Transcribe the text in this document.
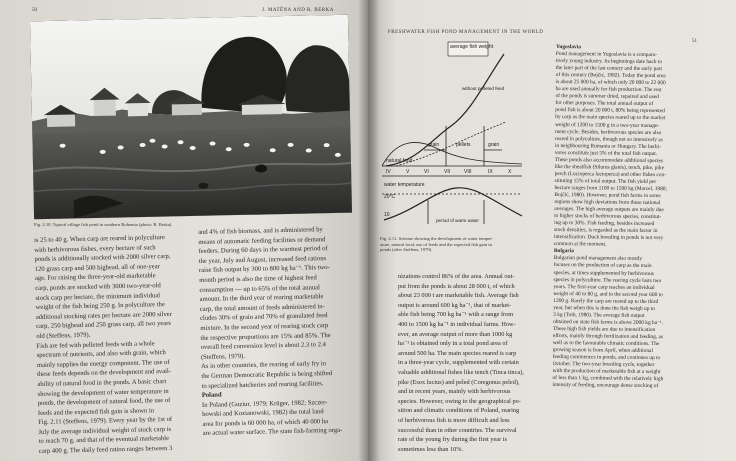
50	J. MATĚNA AND R. BERKA
Fig. 2.10. Typical village fish pond in southern Bohemia (photo: R. Berka).
is 25 to 40 g. When carp are reared in polyculture
with herbivorous fishes, every hectare of such
ponds is additionally stocked with 2000 silver carp,
120 grass carp and 500 bighead, all of one-year
age. For raising the three-year-old marketable
carp, ponds are stocked with 3000 two-year-old
stock carp per hectare, the minimum individual
weight of the fish being 250 g. In polyculture the
additional stocking rates per hectare are 2000 silver
carp, 250 bighead and 250 grass carp, all two years
old (Steffens, 1979).
Fish are fed with pelleted feeds with a whole
spectrum of nutrients, and also with grain, which
mainly supplies the energy component. The use of
these feeds depends on the development and avail-
ability of natural food in the ponds. A basic chart
showing the development of water temperature in
ponds, the development of natural food, the use of
feeds and the expected fish gain is shown in
Fig. 2.11 (Steffens, 1979). Every year by the 1st of
July the average individual weight of stock carp is
to reach 70 g, and that of the eventual marketable
carp 400 g. The daily feed ration ranges between 3
and 4% of fish biomass, and is administered by
means of automatic feeding facilities or demand
feeders. During 60 days in the warmest period of
the year, July and August, increased feed rations
raise fish output by 300 to 800 kg ha⁻¹. This two-
month period is also the time of highest feed
consumption — up to 65% of the total annual
amount. In the third year of rearing marketable
carp, the total amount of feeds administered in-
cludes 30% of grain and 70% of granulated feed
mixture. In the second year of rearing stock carp
the respective proportions are 15% and 85%. The
overall feed conversion level is about 2.3 to 2.4
(Steffens, 1979).
As in other countries, the rearing of early fry in
the German Democratic Republic is being shifted
to specialized hatcheries and rearing facilities.
Poland
In Poland (Guziur, 1979; Krüger, 1982; Szczer-
bowski and Kozianowski, 1982) the total land
area for ponds is 60 000 ha, of which 40 000 ha
are actual water surface. The state fish-farming orga-
FRESHWATER FISH POND MANAGEMENT IN THE WORLD
51
average fish weight
without pelleted feed
grain	pellets	grain
natural food
IV	V	VI	VII	VIII	IX	X
water temperature
20°C
10
period of warm water
Fig. 2.11. Scheme showing the development of water temper-
ature, natural food, use of feeds and the expected fish gain in
ponds (after Steffens, 1979).
nizations control 86% of the area. Annual out-
put from the ponds is about 28 000 t, of which
about 23 000 t are marketable fish. Average fish
output is around 600 kg ha⁻¹, that of market-
able fish being 700 kg ha⁻¹ with a range from
400 to 1500 kg ha⁻¹ in individual farms. How-
ever, an average output of more than 1000 kg
ha⁻¹ is obtained only in a total pond area of
around 500 ha. The main species reared is carp
in a three-year cycle, supplemented with certain
valuable additional fishes like tench (Tinca tinca),
pike (Esox lucius) and peled (Coregonus peled),
and in recent years, mainly with herbivorous
species. However, owing to the geographical po-
sition and climatic conditions of Poland, rearing
of herbivorous fish is more difficult and less
successful than in other countries. The survival
rate of the young fry during the first year is
sometimes less than 10%.
Yugoslavia
Pond management in Yugoslavia is a compara-
tively young industry. Its beginnings date back to
the later part of the last century and the early part
of this century (Bojčić, 1982). Today the pond area
is about 25 000 ha, of which only 20 000 to 22 000
ha are used annually for fish production. The rest
of the ponds is summer dried, repaired and used
for other purposes. The total annual output of
pond fish is about 20 000 t, 80% being represented
by carp as the main species reared up to the market
weight of 1200 to 1500 g in a two-year manage-
ment cycle. Besides, herbivorous species are also
reared in polyculture, though not so intensively as
in neighbouring Rumania or Hungary. The herbi-
vores constitute just 5% of the total fish output.
These ponds also accommodate additional species
like the sheatfish (Silurus glanis), tench, pike, pike
perch (Lucioperca lucioperca) and other fishes con-
stituting 15% of total output. The fish yield per
hectare ranges from 1100 to 1500 kg (Marcel, 1980;
Bojčić, 1980). However, pond fish farms in some
regions show high deviations from these national
averages. The high average outputs are mainly due
to higher stocks of herbivorous species, constitut-
ing up to 30%. Fish feeding, besides increased
stock densities, is regarded as the main factor in
intensification. Duck breeding in ponds is not very
common at the moment.
Bulgaria
Bulgarian pond management also mostly
focuses on the production of carp as the main
species, at times supplemented by herbivorous
species in polyculture. The rearing cycle lasts two
years. The first-year carp reaches an individual
weight of 40 to 80 g, and in the second year 600 to
1200 g. Rarely the carp are reared up to the third
year, but when this is done the fish weigh up to
3 kg (Toth, 1980). The average fish output
obtained on state fish farms is above 2000 kg ha⁻¹.
These high fish yields are due to intensification
efforts, mainly through fertilization and feeding, as
well as to the favourable climatic conditions. The
growing season is from April, when additional
feeding commences in ponds, and continues up to
October. The two-year breeding cycle, together
with the production of marketable fish at a weight
of less than 1 kg, combined with the relatively high
intensity of feeding, encourage dense stocking of
